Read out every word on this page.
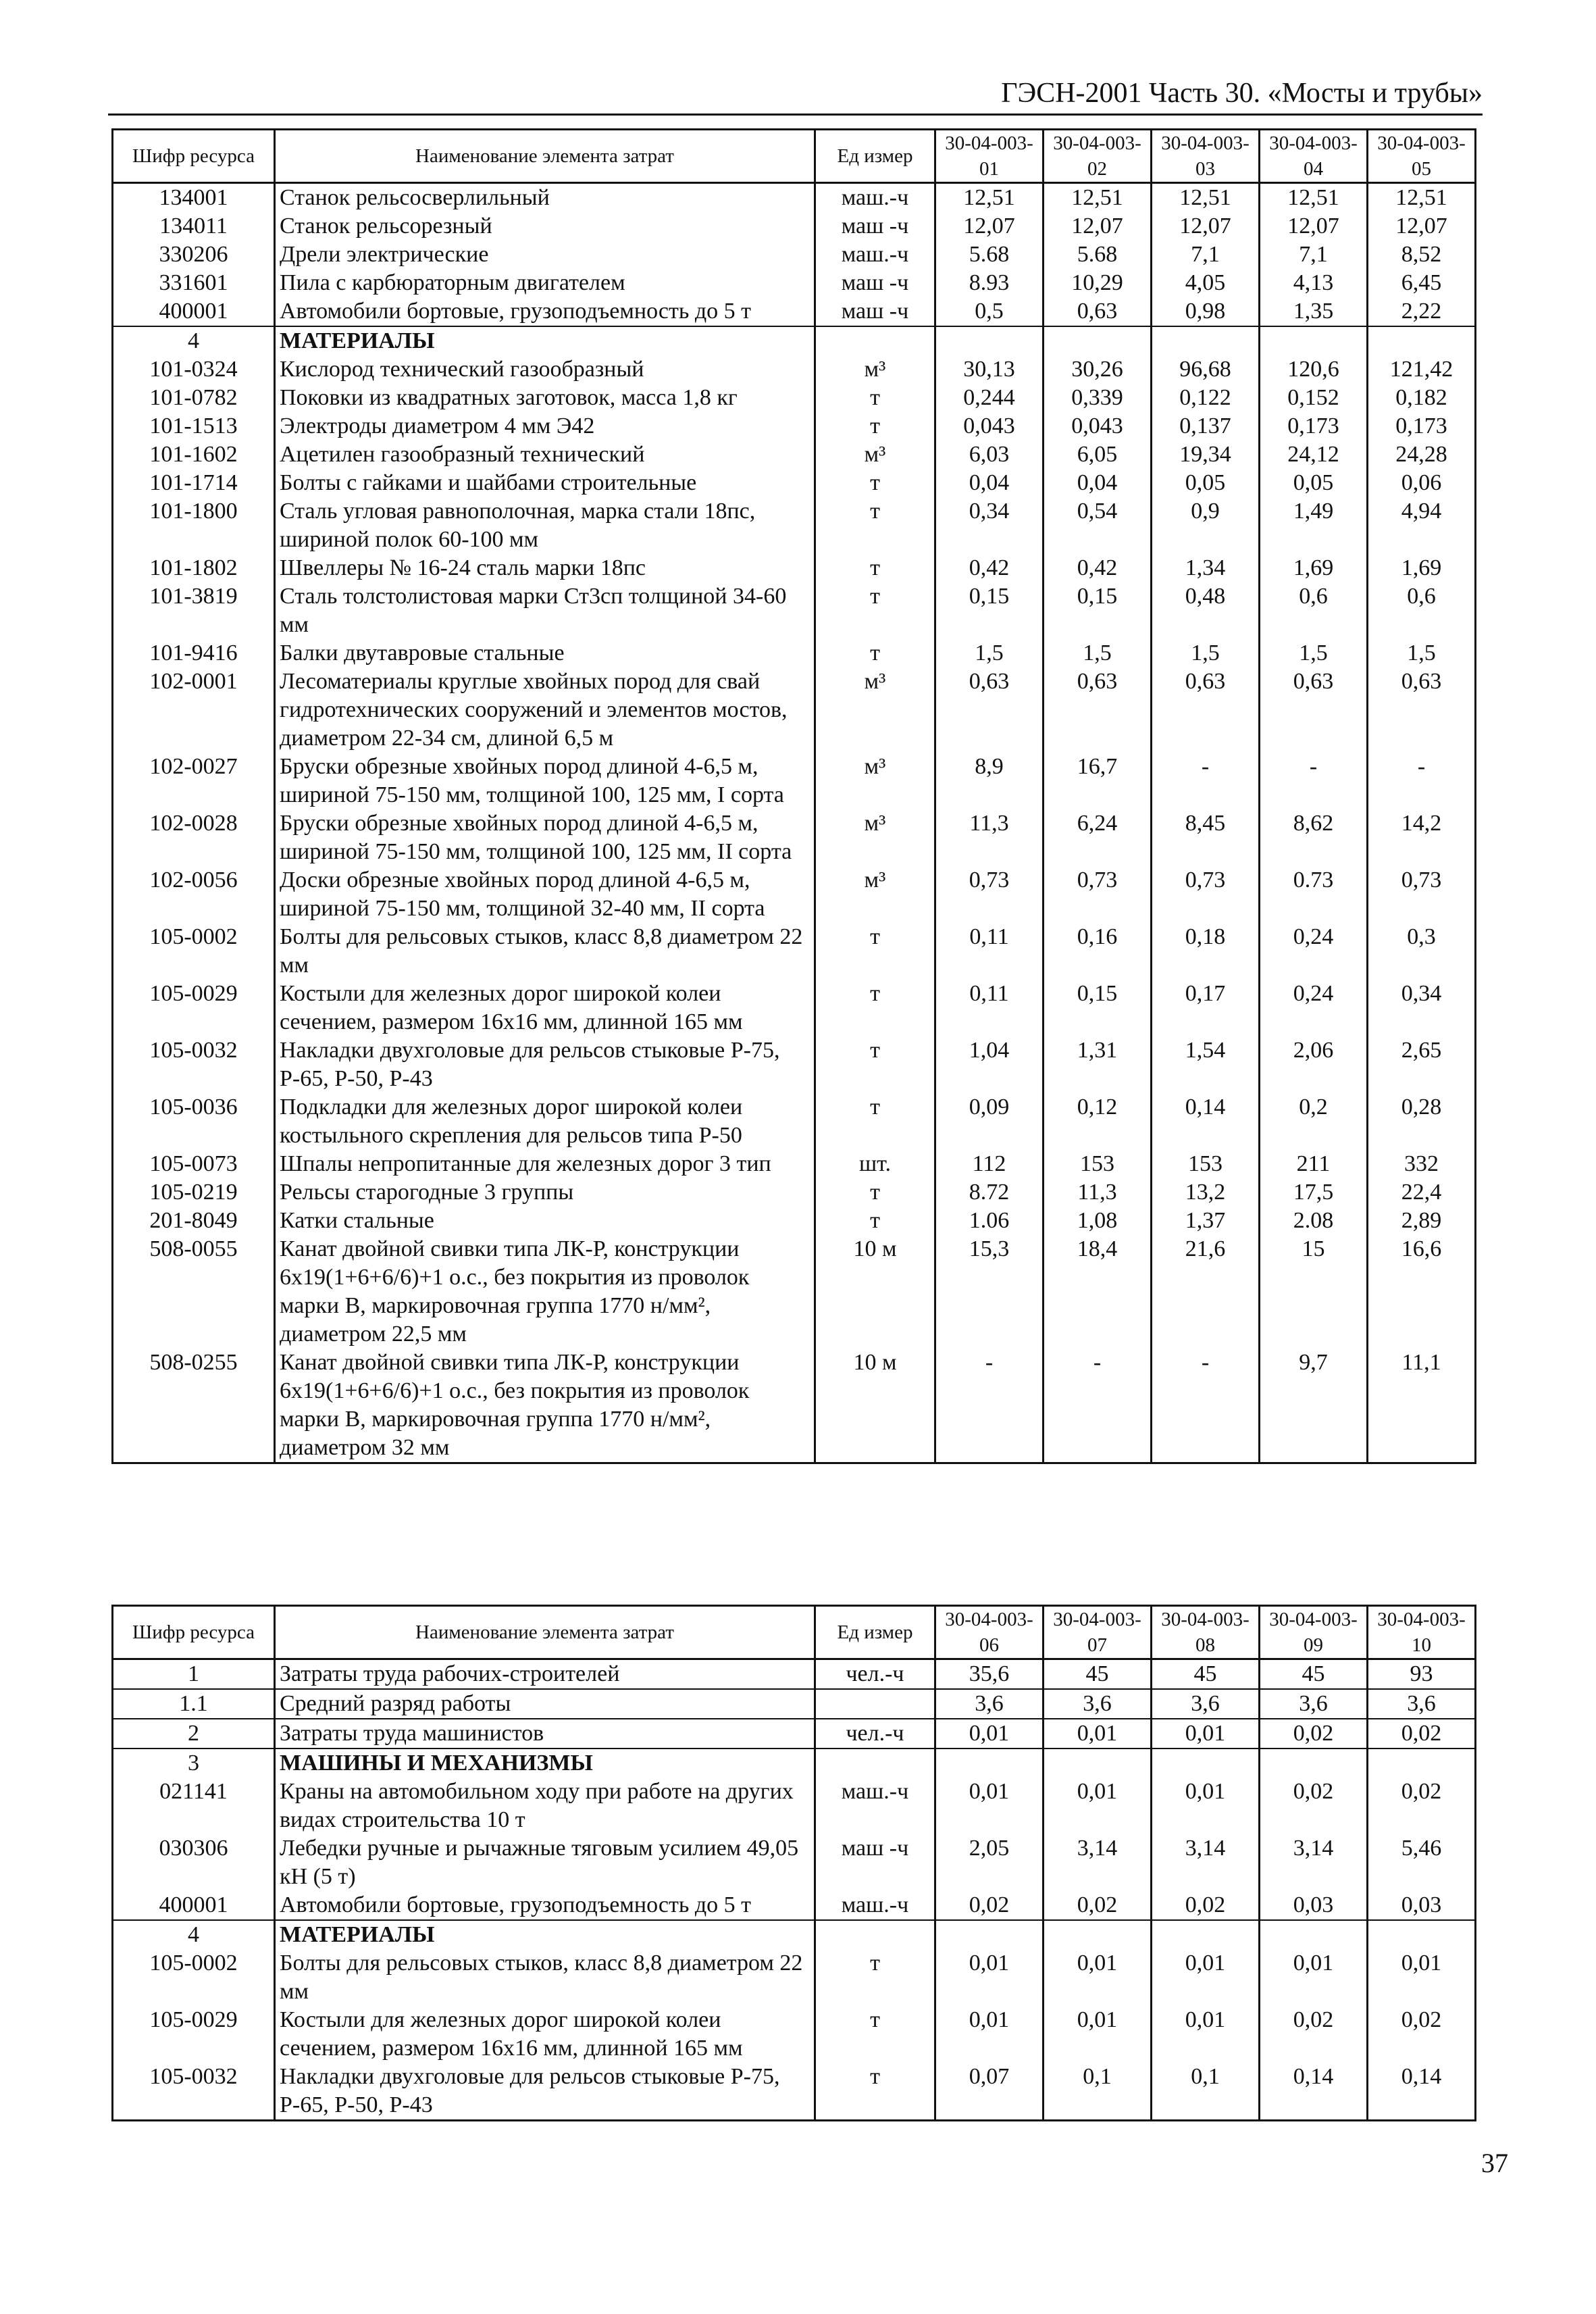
ГЭСН-2001 Часть 30. «Мосты и трубы»
Шифр ресурса	Наименование элемента затрат	Ед измер	30-04-003-01	30-04-003-02	30-04-003-03	30-04-003-04	30-04-003-05
134001	Станок рельсосверлильный	маш.-ч	12,51	12,51	12,51	12,51	12,51
134011	Станок рельсорезный	маш -ч	12,07	12,07	12,07	12,07	12,07
330206	Дрели электрические	маш.-ч	5.68	5.68	7,1	7,1	8,52
331601	Пила с карбюраторным двигателем	маш -ч	8.93	10,29	4,05	4,13	6,45
400001	Автомобили бортовые, грузоподъемность до 5 т	маш -ч	0,5	0,63	0,98	1,35	2,22
4	МАТЕРИАЛЫ						
101-0324	Кислород технический газообразный	м³	30,13	30,26	96,68	120,6	121,42
101-0782	Поковки из квадратных заготовок, масса 1,8 кг	т	0,244	0,339	0,122	0,152	0,182
101-1513	Электроды диаметром 4 мм Э42	т	0,043	0,043	0,137	0,173	0,173
101-1602	Ацетилен газообразный технический	м³	6,03	6,05	19,34	24,12	24,28
101-1714	Болты с гайками и шайбами строительные	т	0,04	0,04	0,05	0,05	0,06
101-1800	Сталь угловая равнополочная, марка стали 18пс, шириной полок 60-100 мм	т	0,34	0,54	0,9	1,49	4,94
101-1802	Швеллеры № 16-24 сталь марки 18пс	т	0,42	0,42	1,34	1,69	1,69
101-3819	Сталь толстолистовая марки Ст3сп толщиной 34-60 мм	т	0,15	0,15	0,48	0,6	0,6
101-9416	Балки двутавровые стальные	т	1,5	1,5	1,5	1,5	1,5
102-0001	Лесоматериалы круглые хвойных пород для свай гидротехнических сооружений и элементов мостов, диаметром 22-34 см, длиной 6,5 м	м³	0,63	0,63	0,63	0,63	0,63
102-0027	Бруски обрезные хвойных пород длиной 4-6,5 м, шириной 75-150 мм, толщиной 100, 125 мм, I сорта	м³	8,9	16,7	-	-	-
102-0028	Бруски обрезные хвойных пород длиной 4-6,5 м, шириной 75-150 мм, толщиной 100, 125 мм, II сорта	м³	11,3	6,24	8,45	8,62	14,2
102-0056	Доски обрезные хвойных пород длиной 4-6,5 м, шириной 75-150 мм, толщиной 32-40 мм, II сорта	м³	0,73	0,73	0,73	0.73	0,73
105-0002	Болты для рельсовых стыков, класс 8,8 диаметром 22 мм	т	0,11	0,16	0,18	0,24	0,3
105-0029	Костыли для железных дорог широкой колеи сечением, размером 16х16 мм, длинной 165 мм	т	0,11	0,15	0,17	0,24	0,34
105-0032	Накладки двухголовые для рельсов стыковые Р-75, Р-65, Р-50, Р-43	т	1,04	1,31	1,54	2,06	2,65
105-0036	Подкладки для железных дорог широкой колеи костыльного скрепления для рельсов типа Р-50	т	0,09	0,12	0,14	0,2	0,28
105-0073	Шпалы непропитанные для железных дорог 3 тип	шт.	112	153	153	211	332
105-0219	Рельсы старогодные 3 группы	т	8.72	11,3	13,2	17,5	22,4
201-8049	Катки стальные	т	1.06	1,08	1,37	2.08	2,89
508-0055	Канат двойной свивки типа ЛК-Р, конструкции 6х19(1+6+6/6)+1 о.с., без покрытия из проволок марки В, маркировочная группа 1770 н/мм², диаметром 22,5 мм	10 м	15,3	18,4	21,6	15	16,6
508-0255	Канат двойной свивки типа ЛК-Р, конструкции 6х19(1+6+6/6)+1 о.с., без покрытия из проволок марки В, маркировочная группа 1770 н/мм², диаметром 32 мм	10 м	-	-	-	9,7	11,1
Шифр ресурса	Наименование элемента затрат	Ед измер	30-04-003-06	30-04-003-07	30-04-003-08	30-04-003-09	30-04-003-10
1	Затраты труда рабочих-строителей	чел.-ч	35,6	45	45	45	93
1.1	Средний разряд работы		3,6	3,6	3,6	3,6	3,6
2	Затраты труда машинистов	чел.-ч	0,01	0,01	0,01	0,02	0,02
3	МАШИНЫ И МЕХАНИЗМЫ						
021141	Краны на автомобильном ходу при работе на других видах строительства 10 т	маш.-ч	0,01	0,01	0,01	0,02	0,02
030306	Лебедки ручные и рычажные тяговым усилием 49,05 кН (5 т)	маш -ч	2,05	3,14	3,14	3,14	5,46
400001	Автомобили бортовые, грузоподъемность до 5 т	маш.-ч	0,02	0,02	0,02	0,03	0,03
4	МАТЕРИАЛЫ						
105-0002	Болты для рельсовых стыков, класс 8,8 диаметром 22 мм	т	0,01	0,01	0,01	0,01	0,01
105-0029	Костыли для железных дорог широкой колеи сечением, размером 16х16 мм, длинной 165 мм	т	0,01	0,01	0,01	0,02	0,02
105-0032	Накладки двухголовые для рельсов стыковые Р-75, Р-65, Р-50, Р-43	т	0,07	0,1	0,1	0,14	0,14
37
